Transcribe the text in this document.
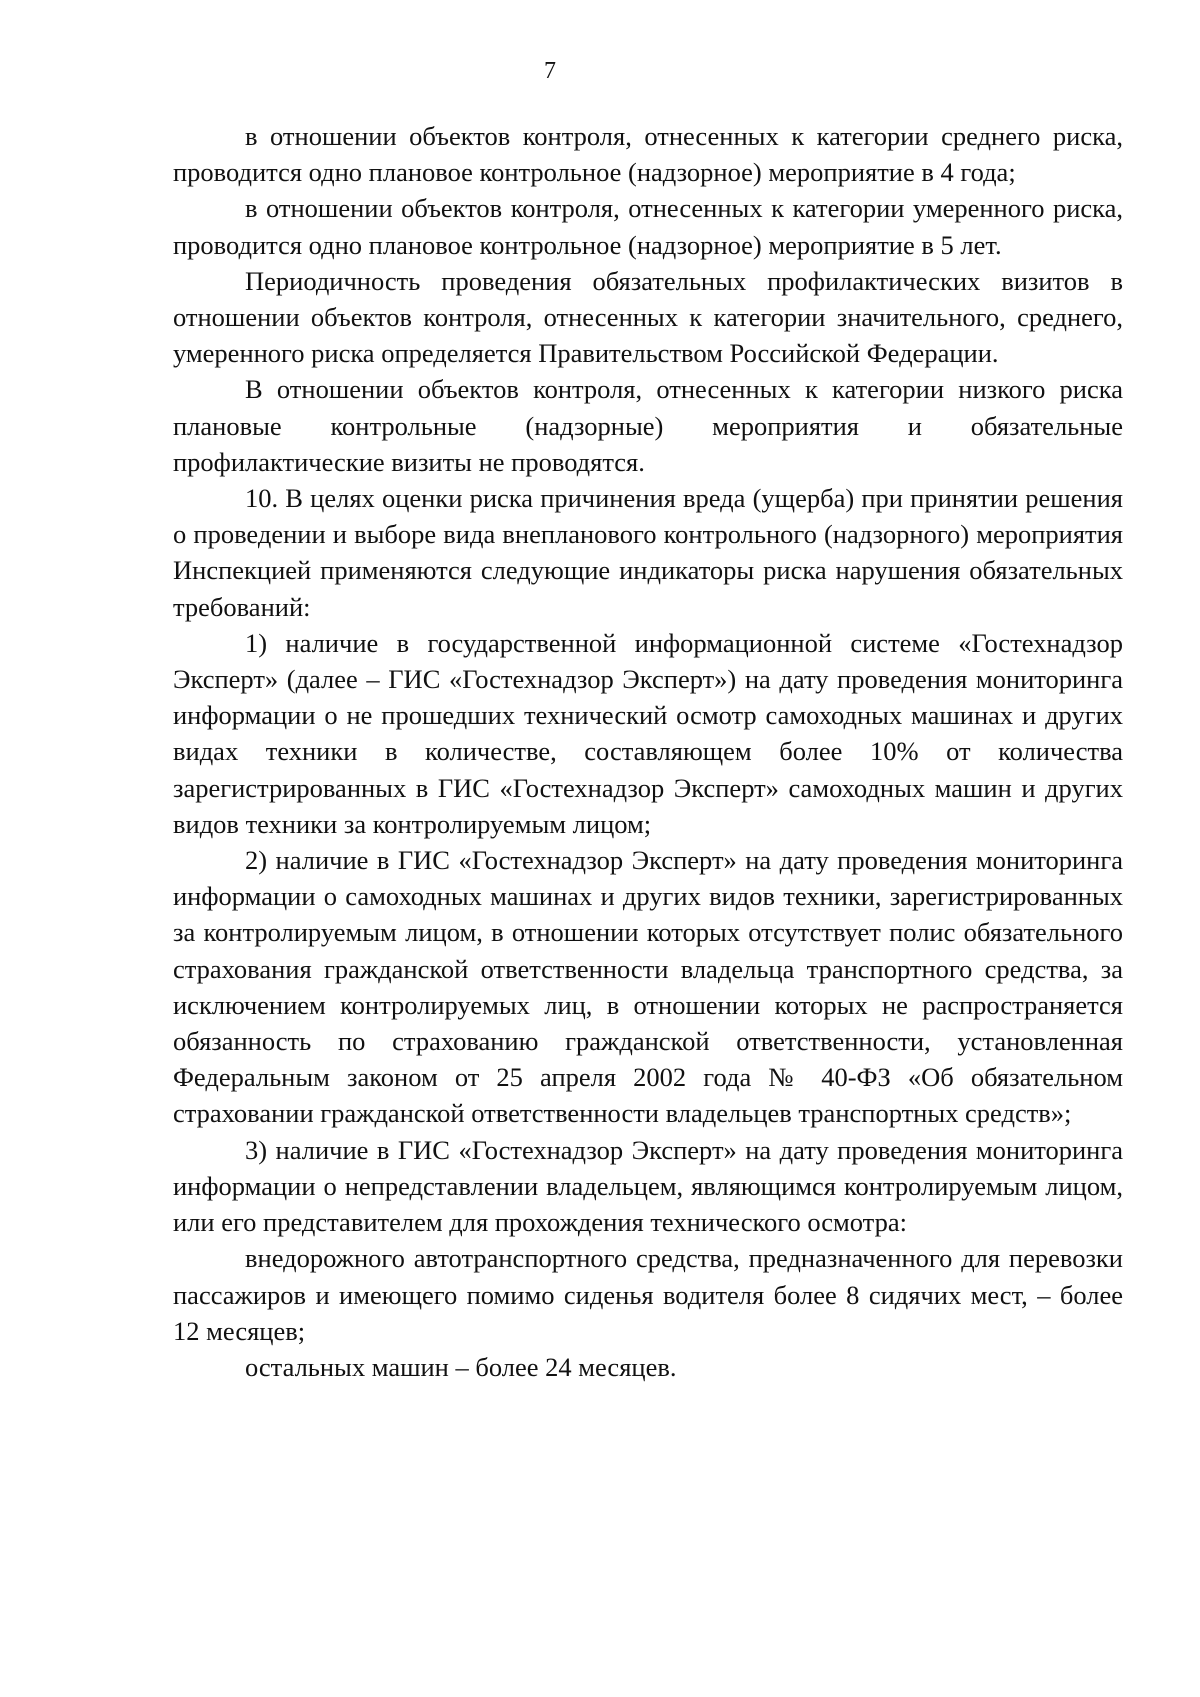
7

в отношении объектов контроля, отнесенных к категории среднего риска, проводится одно плановое контрольное (надзорное) мероприятие в 4 года;

в отношении объектов контроля, отнесенных к категории умеренного риска, проводится одно плановое контрольное (надзорное) мероприятие в 5 лет.

Периодичность проведения обязательных профилактических визитов в отношении объектов контроля, отнесенных к категории значительного, среднего, умеренного риска определяется Правительством Российской Федерации.

В отношении объектов контроля, отнесенных к категории низкого риска плановые контрольные (надзорные) мероприятия и обязательные профилактические визиты не проводятся.

10. В целях оценки риска причинения вреда (ущерба) при принятии решения о проведении и выборе вида внепланового контрольного (надзорного) мероприятия Инспекцией применяются следующие индикаторы риска нарушения обязательных требований:

1) наличие в государственной информационной системе «Гостехнадзор Эксперт» (далее – ГИС «Гостехнадзор Эксперт») на дату проведения мониторинга информации о не прошедших технический осмотр самоходных машинах и других видах техники в количестве, составляющем более 10% от количества зарегистрированных в ГИС «Гостехнадзор Эксперт» самоходных машин и других видов техники за контролируемым лицом;

2) наличие в ГИС «Гостехнадзор Эксперт» на дату проведения мониторинга информации о самоходных машинах и других видов техники, зарегистрированных за контролируемым лицом, в отношении которых отсутствует полис обязательного страхования гражданской ответственности владельца транспортного средства, за исключением контролируемых лиц, в отношении которых не распространяется обязанность по страхованию гражданской ответственности, установленная Федеральным законом от 25 апреля 2002 года № 40-ФЗ «Об обязательном страховании гражданской ответственности владельцев транспортных средств»;

3) наличие в ГИС «Гостехнадзор Эксперт» на дату проведения мониторинга информации о непредставлении владельцем, являющимся контролируемым лицом, или его представителем для прохождения технического осмотра:

внедорожного автотранспортного средства, предназначенного для перевозки пассажиров и имеющего помимо сиденья водителя более 8 сидячих мест, – более 12 месяцев;

остальных машин – более 24 месяцев.
